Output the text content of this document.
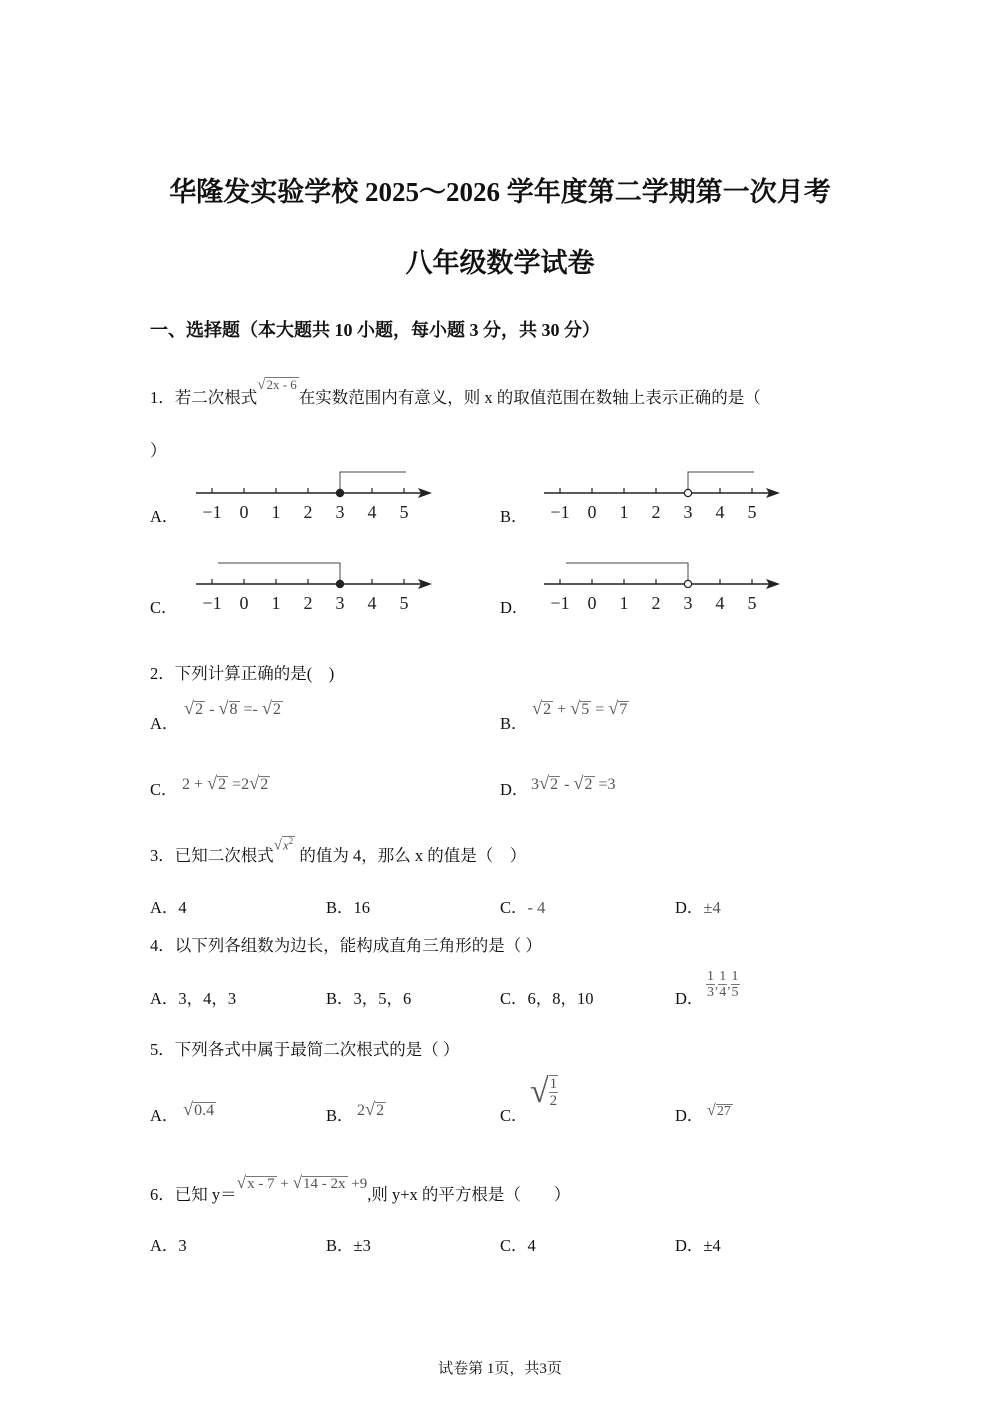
华隆发实验学校 2025～2026 学年度第二学期第一次月考
八年级数学试卷
一、选择题（本大题共 10 小题，每小题 3 分，共 30 分）
1．若二次根式√2x - 6在实数范围内有意义，则 x 的取值范围在数轴上表示正确的是（
）
A．	B．
C．	D．
−1 0 1 2 3 4 5	−1 0 1 2 3 4 5
−1 0 1 2 3 4 5	−1 0 1 2 3 4 5
2．下列计算正确的是(　)
A．
√2 - √8 =- √2
B．
√2 + √5 = √7
C． 2 + √2 =2√2	D． 3√2 - √2 =3
3．已知二次根式$√x^2$ 的值为 4，那么 x 的值是（　）
A．4	B．16	C．- 4	D．±4
4．以下列各组数为边长，能构成直角三角形的是（ ）
A．3，4，3	B．3，5，6	C．6，8，10	D． $\frac{1}{3}$ , $\frac{1}{4}$ , $\frac{1}{5}$
5．下列各式中属于最简二次根式的是（ ）
A． √0.4	B． 2√2	C．
√ $\frac{1}{2}$
D． √27
6．已知 y＝√x - 7 + √14 - 2x +9,则 y+x 的平方根是（　　）
A．3	B．±3	C．4	D．±4
试卷第 1页，共3页
